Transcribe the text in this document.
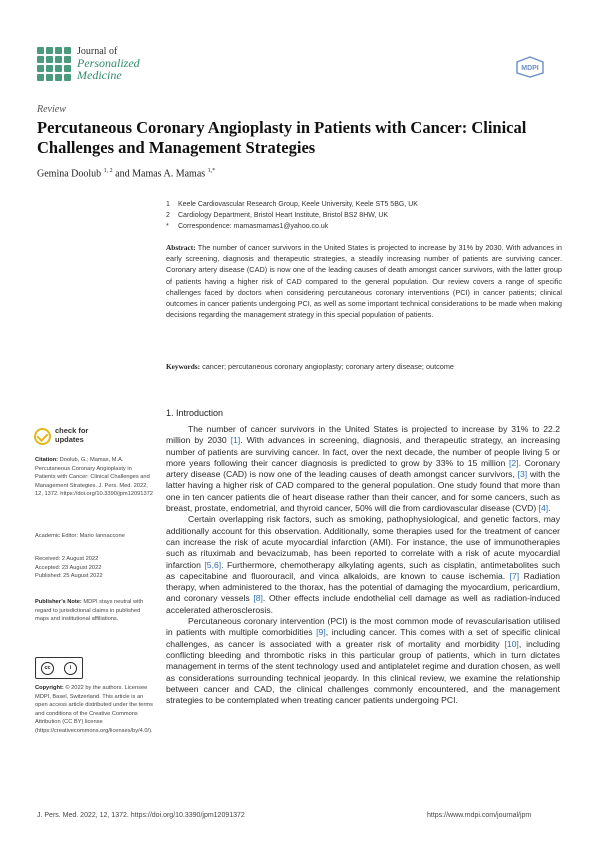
Journal of
Personalized
Medicine	MDPI
Review
Percutaneous Coronary Angioplasty in Patients with Cancer: Clinical Challenges and Management Strategies
Gemina Doolub $^{1, 2}$ and Mamas A. Mamas $^{1,*}$
1	Keele Cardiovascular Research Group, Keele University, Keele ST5 5BG, UK
2	Cardiology Department, Bristol Heart Institute, Bristol BS2 8HW, UK
*	Correspondence: mamasmamas1@yahoo.co.uk
Abstract: The number of cancer survivors in the United States is projected to increase by 31% by 2030. With advances in early screening, diagnosis and therapeutic strategies, a steadily increasing number of patients are surviving cancer. Coronary artery disease (CAD) is now one of the leading causes of death amongst cancer survivors, with the latter group of patients having a higher risk of CAD compared to the general population. Our review covers a range of specific challenges faced by doctors when considering percutaneous coronary interventions (PCI) in cancer patients; clinical outcomes in cancer patients undergoing PCI, as well as some important technical considerations to be made when making decisions regarding the management strategy in this special population of patients.
Keywords: cancer; percutaneous coronary angioplasty; coronary artery disease; outcome
1. Introduction

The number of cancer survivors in the United States is projected to increase by 31% to 22.2 million by 2030 [1]. With advances in screening, diagnosis, and therapeutic strategy, an increasing number of patients are surviving cancer. In fact, over the next decade, the number of people living 5 or more years following their cancer diagnosis is predicted to grow by 33% to 15 million [2]. Coronary artery disease (CAD) is now one of the leading causes of death amongst cancer survivors, [3] with the latter having a higher risk of CAD compared to the general population. One study found that more than one in ten cancer patients die of heart disease rather than their cancer, and for some cancers, such as breast, prostate, endometrial, and thyroid cancer, 50% will die from cardiovascular disease (CVD) [4].

Certain overlapping risk factors, such as smoking, pathophysiological, and genetic factors, may additionally account for this observation. Additionally, some therapies used for the treatment of cancer can increase the risk of acute myocardial infarction (AMI). For instance, the use of immunotherapies such as rituximab and bevacizumab, has been reported to correlate with a risk of acute myocardial infarction [5,6]. Furthermore, chemotherapy alkylating agents, such as cisplatin, antimetabolites such as capecitabine and fluorouracil, and vinca alkaloids, are known to cause ischemia. [7] Radiation therapy, when administered to the thorax, has the potential of damaging the myocardium, pericardium, and coronary vessels [8]. Other effects include endothelial cell damage as well as radiation-induced accelerated atherosclerosis.

Percutaneous coronary intervention (PCI) is the most common mode of revascularisation utilised in patients with multiple comorbidities [9], including cancer. This comes with a set of specific clinical challenges, as cancer is associated with a greater risk of mortality and morbidity [10], including conflicting bleeding and thrombotic risks in this particular group of patients, which in turn dictates management in terms of the stent technology used and antiplatelet regime and duration chosen, as well as considerations surrounding technical jeopardy. In this clinical review, we examine the relationship between cancer and CAD, the clinical challenges commonly encountered, and the management strategies to be contemplated when treating cancer patients undergoing PCI.

check for
updates
Citation: Doolub, G.; Mamas, M.A. Percutaneous Coronary Angioplasty in Patients with Cancer: Clinical Challenges and Management Strategies. J. Pers. Med. 2022, 12, 1372. https://doi.org/10.3390/jpm12091372
Academic Editor: Mario Iannaccone
Received: 2 August 2022
Accepted: 23 August 2022
Published: 25 August 2022
Publisher’s Note: MDPI stays neutral with regard to jurisdictional claims in published maps and institutional affiliations.
cc	i
Copyright: © 2022 by the authors. Licensee MDPI, Basel, Switzerland. This article is an open access article distributed under the terms and conditions of the Creative Commons Attribution (CC BY) license (https://creativecommons.org/licenses/by/4.0/).
J. Pers. Med. 2022, 12, 1372. https://doi.org/10.3390/jpm12091372	https://www.mdpi.com/journal/jpm
